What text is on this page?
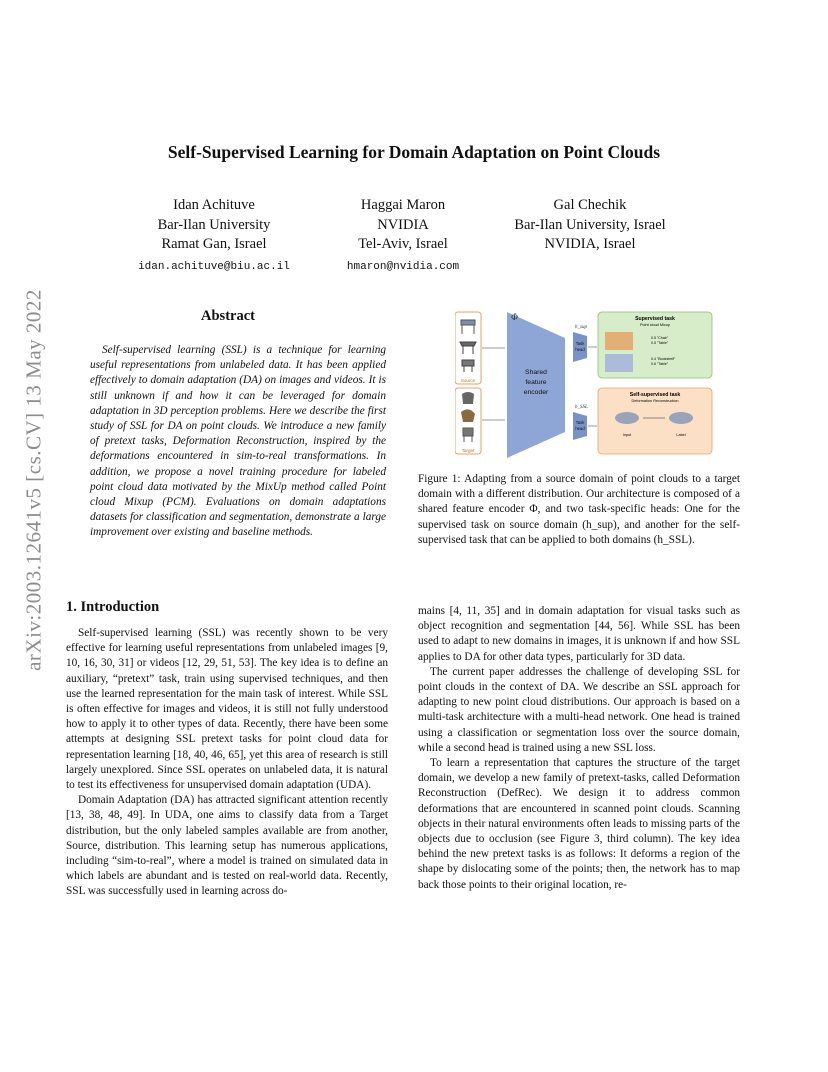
arXiv:2003.12641v5 [cs.CV] 13 May 2022
Self-Supervised Learning for Domain Adaptation on Point Clouds
Idan Achituve
Bar-Ilan University
Ramat Gan, Israel
idan.achituve@biu.ac.il
Haggai Maron
NVIDIA
Tel-Aviv, Israel
hmaron@nvidia.com
Gal Chechik
Bar-Ilan University, Israel
NVIDIA, Israel
Abstract

Self-supervised learning (SSL) is a technique for learning useful representations from unlabeled data. It has been applied effectively to domain adaptation (DA) on images and videos. It is still unknown if and how it can be leveraged for domain adaptation in 3D perception problems. Here we describe the first study of SSL for DA on point clouds. We introduce a new family of pretext tasks, Deformation Reconstruction, inspired by the deformations encountered in sim-to-real transformations. In addition, we propose a novel training procedure for labeled point cloud data motivated by the MixUp method called Point cloud Mixup (PCM). Evaluations on domain adaptations datasets for classification and segmentation, demonstrate a large improvement over existing and baseline methods.

Source
Target
Φ
Shared
feature
encoder
h_sup
Task
head
h_SSL
Task
head
Supervised task
Point cloud Mixup
0.5 "Chair"
0.5 "Table"
0.4 "Bookshelf"
0.6 "Table"
Self-supervised task
Deformation Reconstruction
Input	Label

Figure 1: Adapting from a source domain of point clouds to a target domain with a different distribution. Our architecture is composed of a shared feature encoder Φ, and two task-specific heads: One for the supervised task on source domain (h_sup), and another for the self-supervised task that can be applied to both domains (h_SSL).

1. Introduction

Self-supervised learning (SSL) was recently shown to be very effective for learning useful representations from unlabeled images [9, 10, 16, 30, 31] or videos [12, 29, 51, 53]. The key idea is to define an auxiliary, “pretext” task, train using supervised techniques, and then use the learned representation for the main task of interest. While SSL is often effective for images and videos, it is still not fully understood how to apply it to other types of data. Recently, there have been some attempts at designing SSL pretext tasks for point cloud data for representation learning [18, 40, 46, 65], yet this area of research is still largely unexplored. Since SSL operates on unlabeled data, it is natural to test its effectiveness for unsupervised domain adaptation (UDA).

Domain Adaptation (DA) has attracted significant attention recently [13, 38, 48, 49]. In UDA, one aims to classify data from a Target distribution, but the only labeled samples available are from another, Source, distribution. This learning setup has numerous applications, including “sim-to-real”, where a model is trained on simulated data in which labels are abundant and is tested on real-world data. Recently, SSL was successfully used in learning across do-

mains [4, 11, 35] and in domain adaptation for visual tasks such as object recognition and segmentation [44, 56]. While SSL has been used to adapt to new domains in images, it is unknown if and how SSL applies to DA for other data types, particularly for 3D data.

The current paper addresses the challenge of developing SSL for point clouds in the context of DA. We describe an SSL approach for adapting to new point cloud distributions. Our approach is based on a multi-task architecture with a multi-head network. One head is trained using a classification or segmentation loss over the source domain, while a second head is trained using a new SSL loss.

To learn a representation that captures the structure of the target domain, we develop a new family of pretext-tasks, called Deformation Reconstruction (DefRec). We design it to address common deformations that are encountered in scanned point clouds. Scanning objects in their natural environments often leads to missing parts of the objects due to occlusion (see Figure 3, third column). The key idea behind the new pretext tasks is as follows: It deforms a region of the shape by dislocating some of the points; then, the network has to map back those points to their original location, re-
